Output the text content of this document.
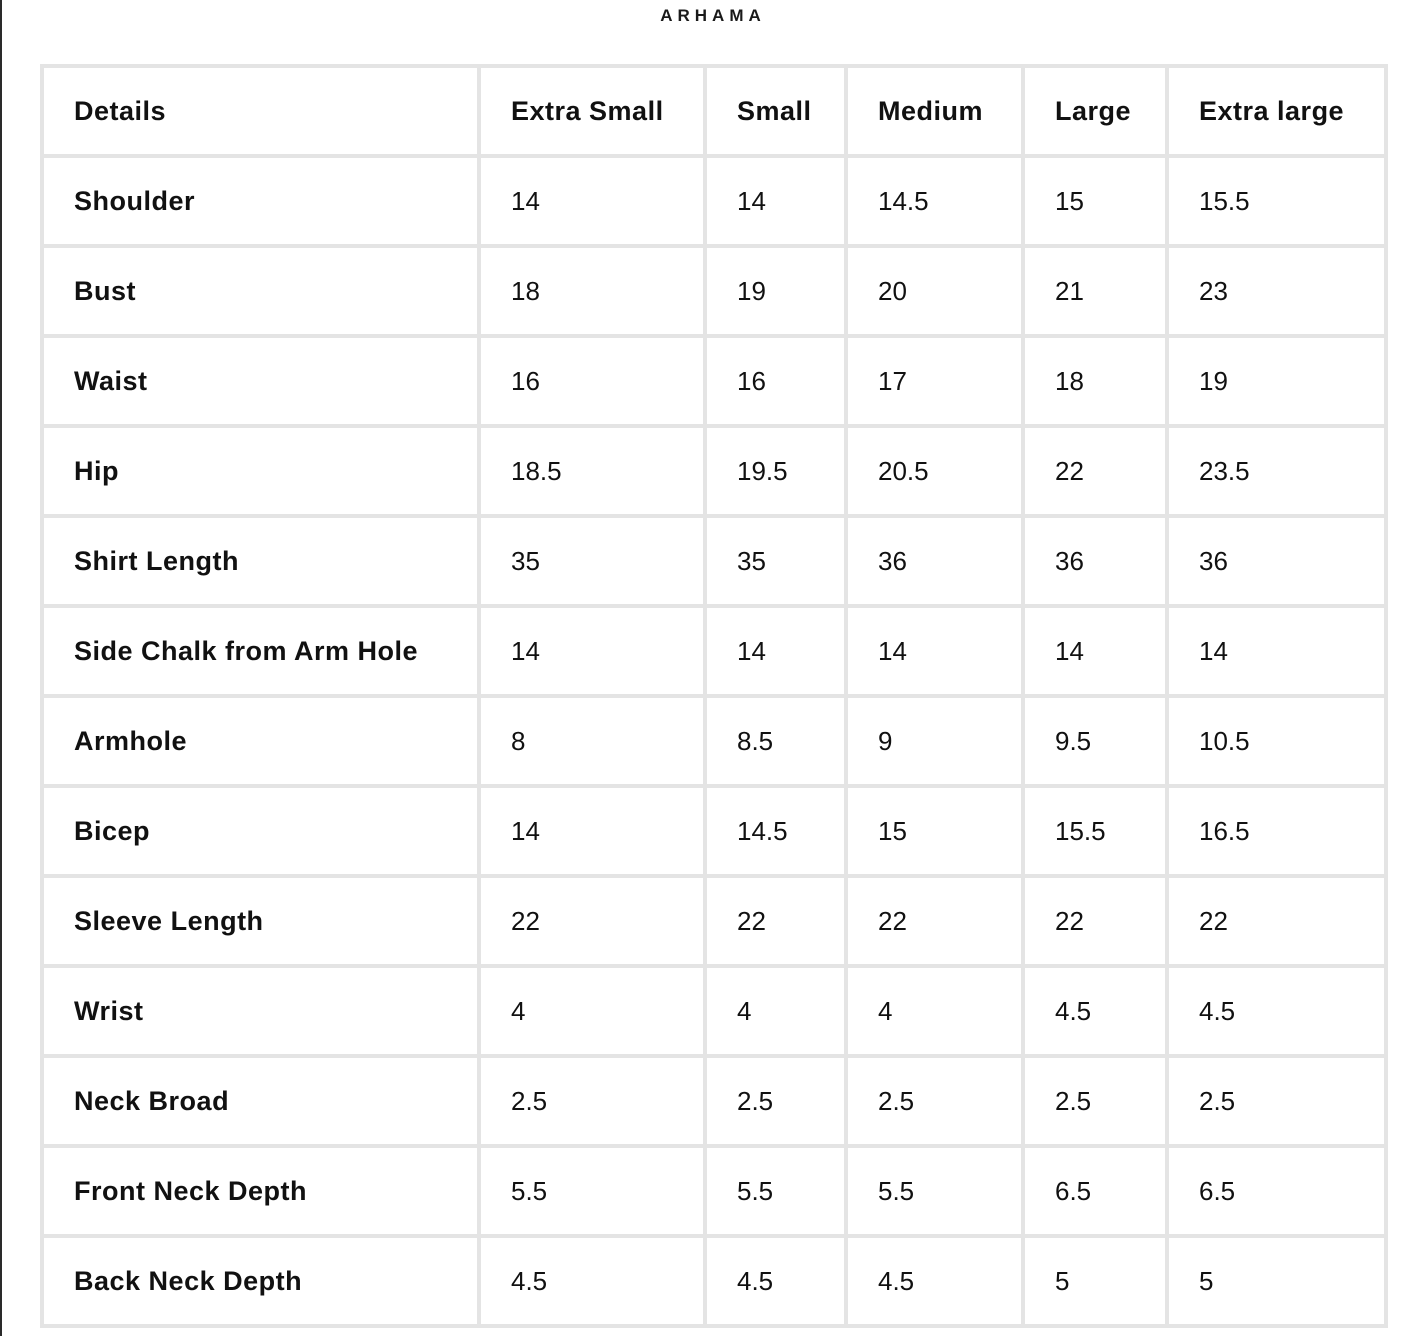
ARHAMA
Details	Extra Small	Small	Medium	Large	Extra large
Shoulder	14	14	14.5	15	15.5
Bust	18	19	20	21	23
Waist	16	16	17	18	19
Hip	18.5	19.5	20.5	22	23.5
Shirt Length	35	35	36	36	36
Side Chalk from Arm Hole	14	14	14	14	14
Armhole	8	8.5	9	9.5	10.5
Bicep	14	14.5	15	15.5	16.5
Sleeve Length	22	22	22	22	22
Wrist	4	4	4	4.5	4.5
Neck Broad	2.5	2.5	2.5	2.5	2.5
Front Neck Depth	5.5	5.5	5.5	6.5	6.5
Back Neck Depth	4.5	4.5	4.5	5	5
